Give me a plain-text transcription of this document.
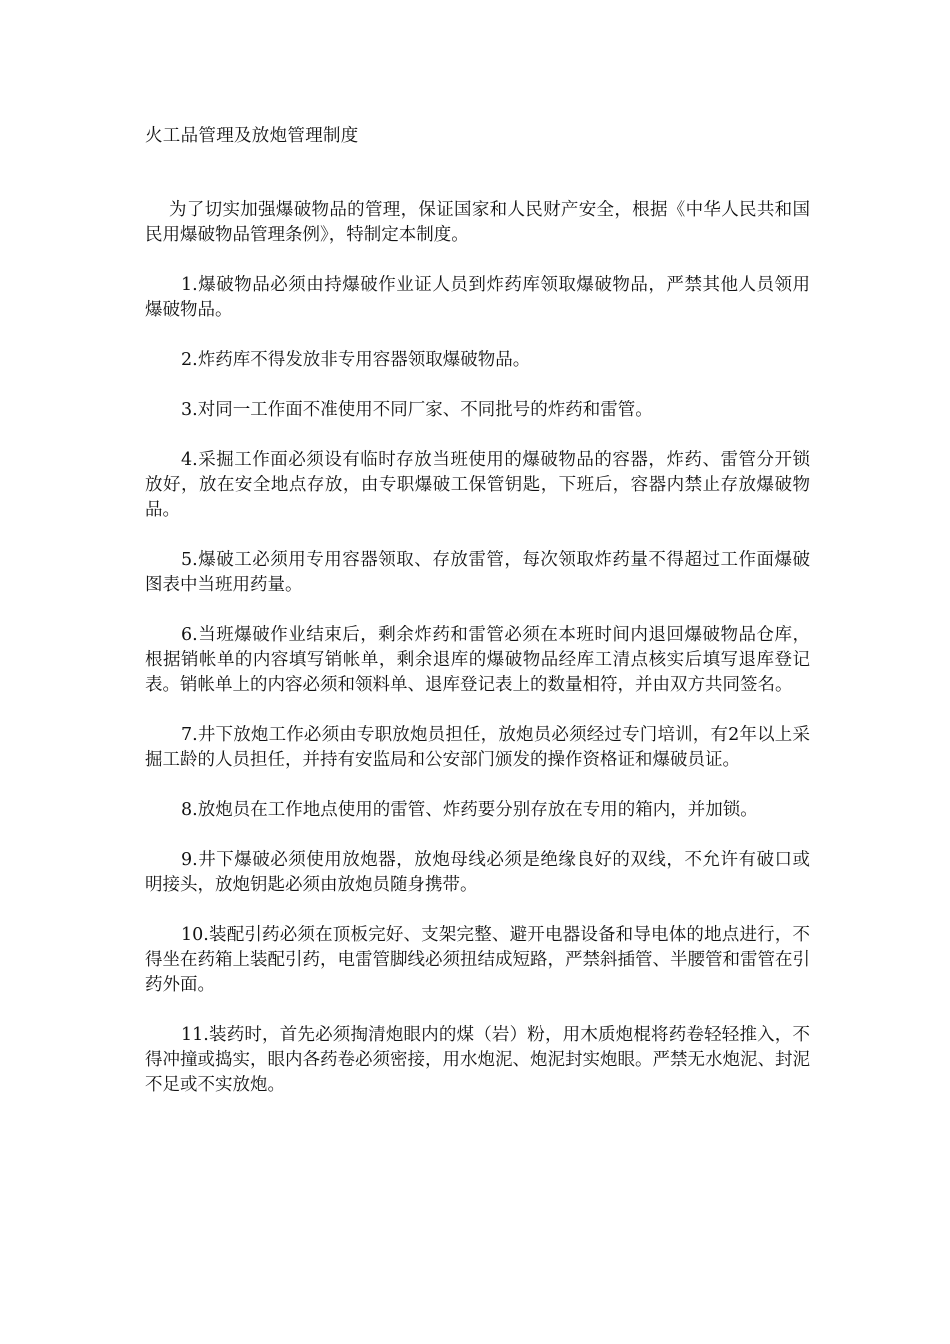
火工品管理及放炮管理制度

为了切实加强爆破物品的管理，保证国家和人民财产安全，根据《中华人民共和国民用爆破物品管理条例》，特制定本制度。

1.爆破物品必须由持爆破作业证人员到炸药库领取爆破物品，严禁其他人员领用爆破物品。

2.炸药库不得发放非专用容器领取爆破物品。

3.对同一工作面不准使用不同厂家、不同批号的炸药和雷管。

4.采掘工作面必须设有临时存放当班使用的爆破物品的容器，炸药、雷管分开锁放好，放在安全地点存放，由专职爆破工保管钥匙，下班后，容器内禁止存放爆破物品。

5.爆破工必须用专用容器领取、存放雷管，每次领取炸药量不得超过工作面爆破图表中当班用药量。

6.当班爆破作业结束后，剩余炸药和雷管必须在本班时间内退回爆破物品仓库，根据销帐单的内容填写销帐单，剩余退库的爆破物品经库工清点核实后填写退库登记表。销帐单上的内容必须和领料单、退库登记表上的数量相符，并由双方共同签名。

7.井下放炮工作必须由专职放炮员担任，放炮员必须经过专门培训，有2年以上采掘工龄的人员担任，并持有安监局和公安部门颁发的操作资格证和爆破员证。

8.放炮员在工作地点使用的雷管、炸药要分别存放在专用的箱内，并加锁。

9.井下爆破必须使用放炮器，放炮母线必须是绝缘良好的双线，不允许有破口或明接头，放炮钥匙必须由放炮员随身携带。

10.装配引药必须在顶板完好、支架完整、避开电器设备和导电体的地点进行，不得坐在药箱上装配引药，电雷管脚线必须扭结成短路，严禁斜插管、半腰管和雷管在引药外面。

11.装药时，首先必须掏清炮眼内的煤（岩）粉，用木质炮棍将药卷轻轻推入，不得冲撞或捣实，眼内各药卷必须密接，用水炮泥、炮泥封实炮眼。严禁无水炮泥、封泥不足或不实放炮。
